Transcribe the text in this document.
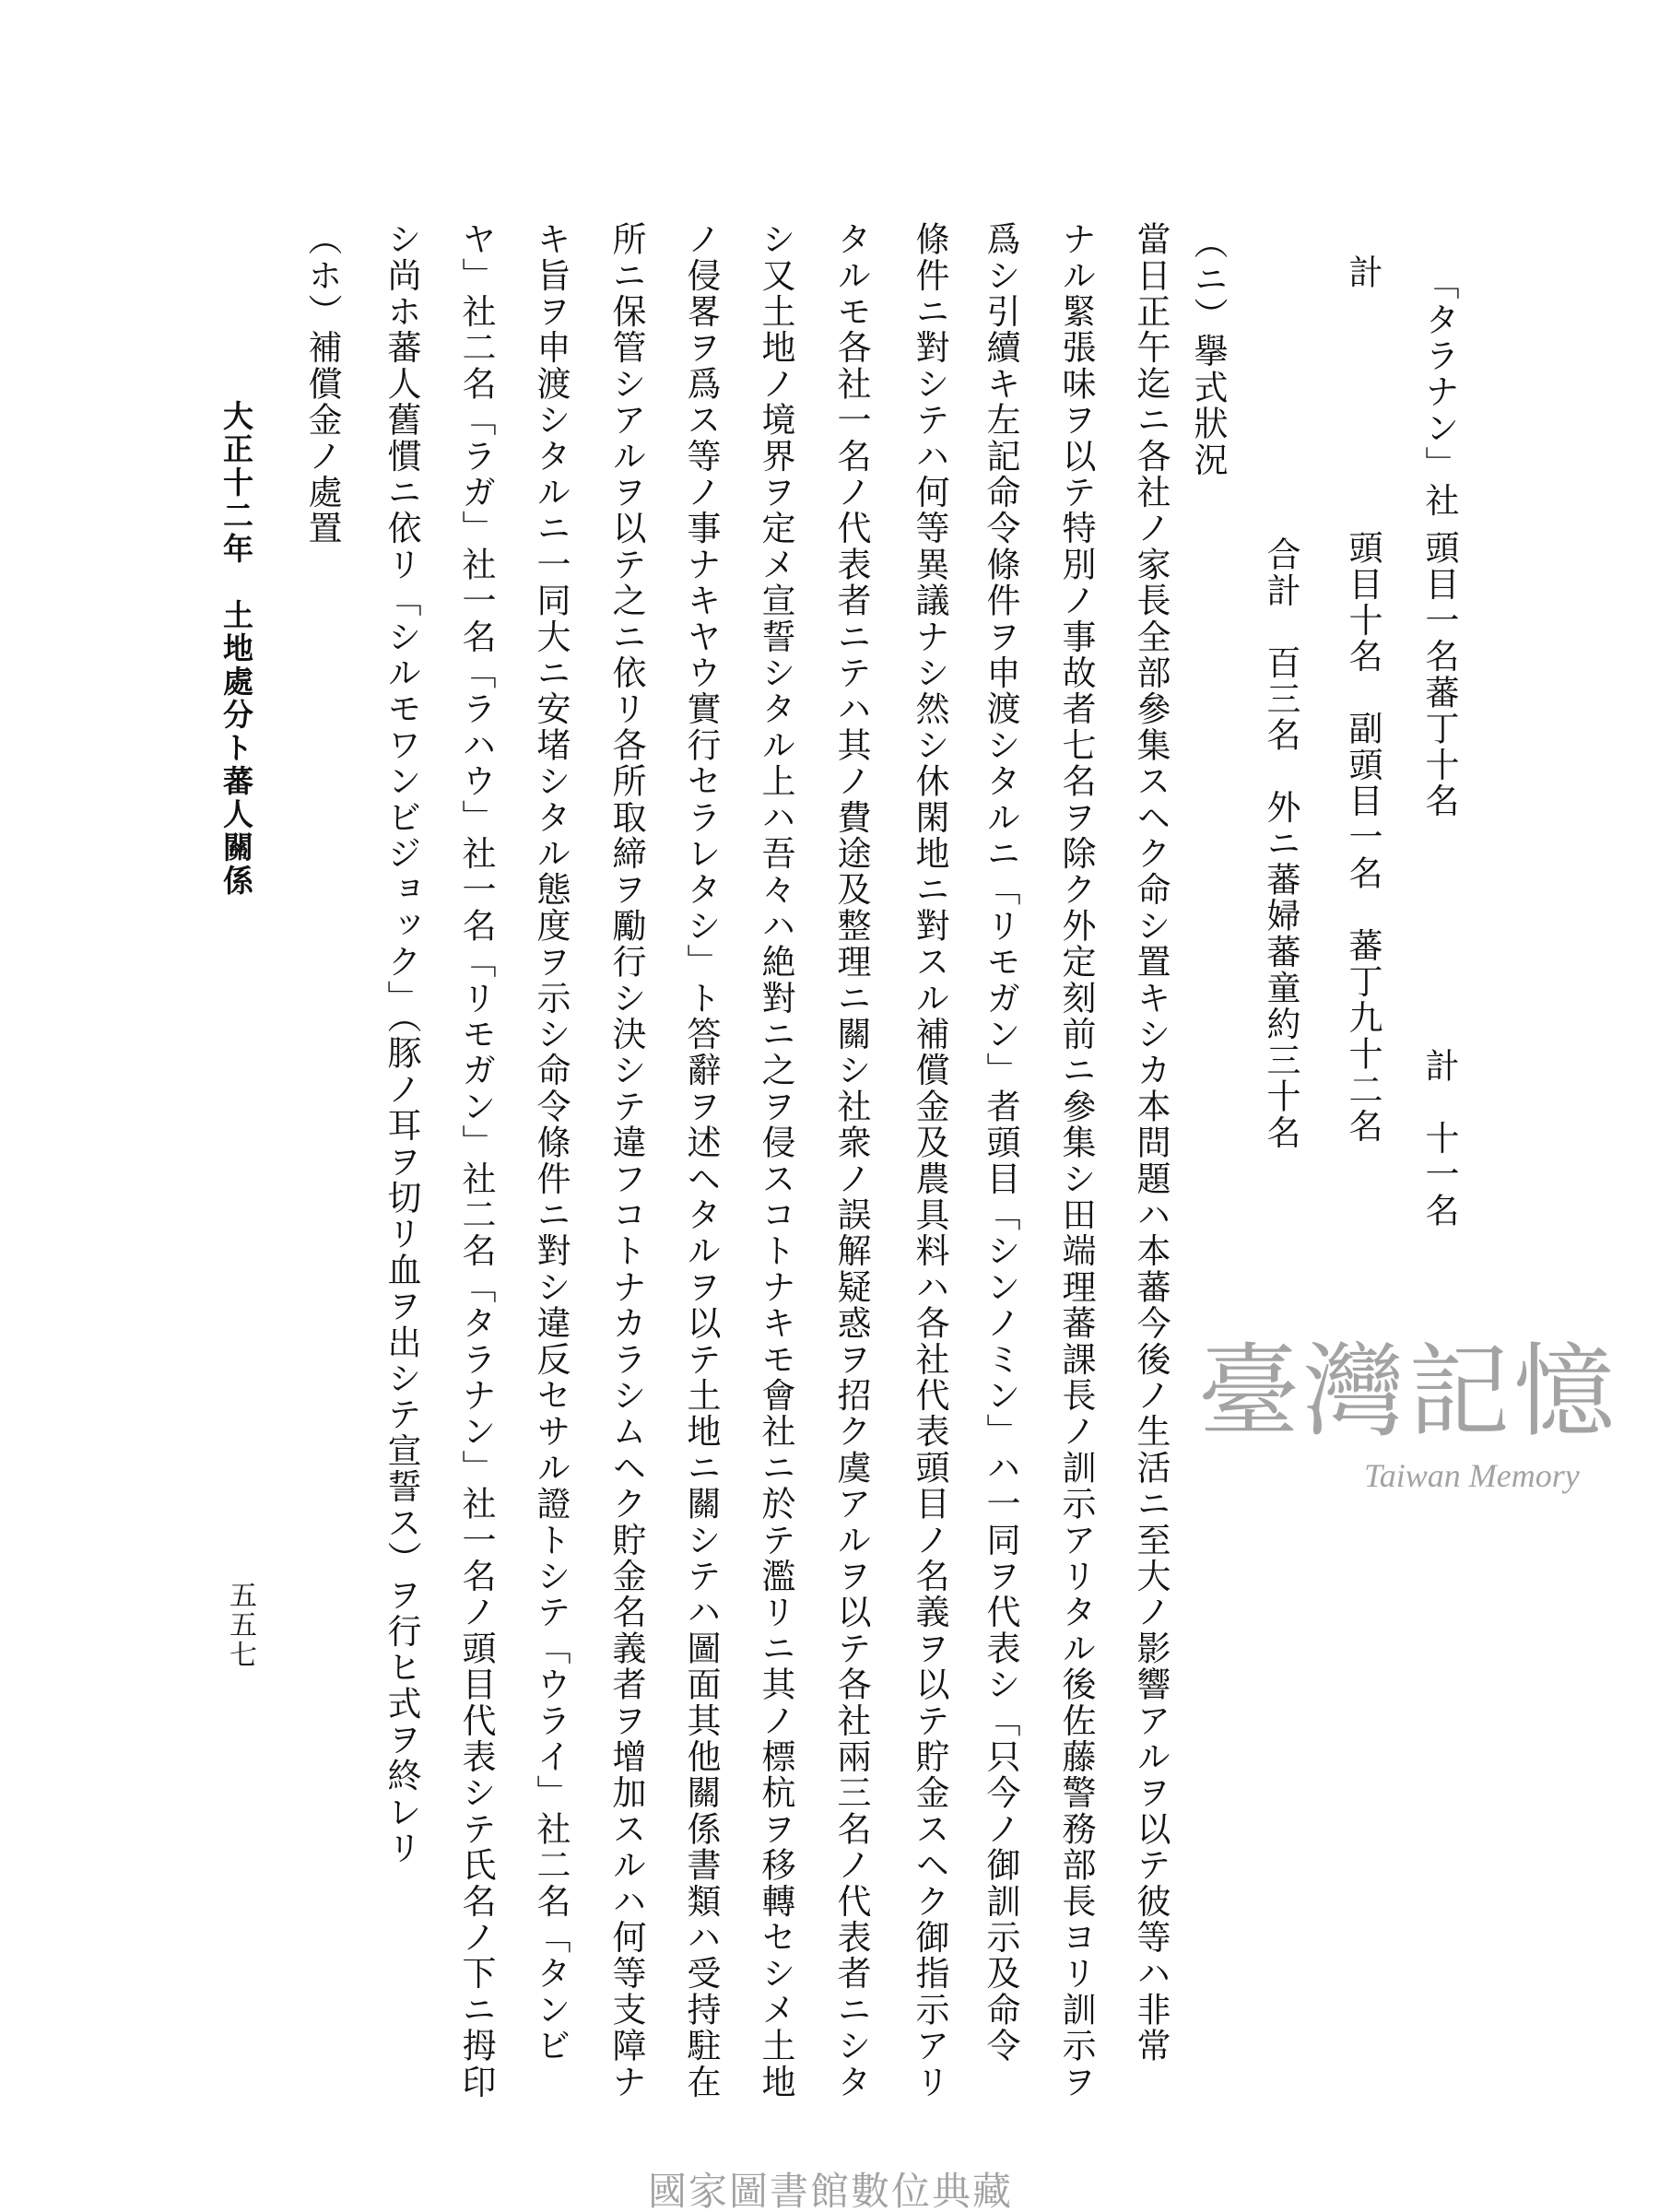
「タラナン」社
頭目一名蕃丁十名
計　十一名
計
頭目十名　副頭目一名　蕃丁九十二名
合計　百三名　外ニ蕃婦蕃童約三十名
（ニ）擧式狀況
當日正午迄ニ各社ノ家長全部參集スヘク命シ置キシカ本問題ハ本蕃今後ノ生活ニ至大ノ影響アルヲ以テ彼等ハ非常
ナル緊張味ヲ以テ特別ノ事故者七名ヲ除ク外定刻前ニ參集シ田端理蕃課長ノ訓示アリタル後佐藤警務部長ヨリ訓示ヲ
爲シ引續キ左記命令條件ヲ申渡シタルニ「リモガン」者頭目「シンノミン」ハ一同ヲ代表シ「只今ノ御訓示及命令
條件ニ對シテハ何等異議ナシ然シ休閑地ニ對スル補償金及農具料ハ各社代表頭目ノ名義ヲ以テ貯金スヘク御指示アリ
タルモ各社一名ノ代表者ニテハ其ノ費途及整理ニ關シ社衆ノ誤解疑惑ヲ招ク虞アルヲ以テ各社兩三名ノ代表者ニシタ
シ又土地ノ境界ヲ定メ宣誓シタル上ハ吾々ハ絶對ニ之ヲ侵スコトナキモ會社ニ於テ濫リニ其ノ標杭ヲ移轉セシメ土地
ノ侵畧ヲ爲ス等ノ事ナキヤウ實行セラレタシ」ト答辭ヲ述ヘタルヲ以テ土地ニ關シテハ圖面其他關係書類ハ受持駐在
所ニ保管シアルヲ以テ之ニ依リ各所取締ヲ勵行シ決シテ違フコトナカラシムヘク貯金名義者ヲ增加スルハ何等支障ナ
キ旨ヲ申渡シタルニ一同大ニ安堵シタル態度ヲ示シ命令條件ニ對シ違反セサル證トシテ「ウライ」社二名「タンビ
ヤ」社二名「ラガ」社一名「ラハウ」社一名「リモガン」社二名「タラナン」社一名ノ頭目代表シテ氏名ノ下ニ拇印
シ尚ホ蕃人舊慣ニ依リ「シルモワンビジョック」（豚ノ耳ヲ切リ血ヲ出シテ宣誓ス）ヲ行ヒ式ヲ終レリ
（ホ）補償金ノ處置
大正十二年　土地處分ト蕃人關係
五五七
臺灣記憶
Taiwan Memory
國家圖書館數位典藏
